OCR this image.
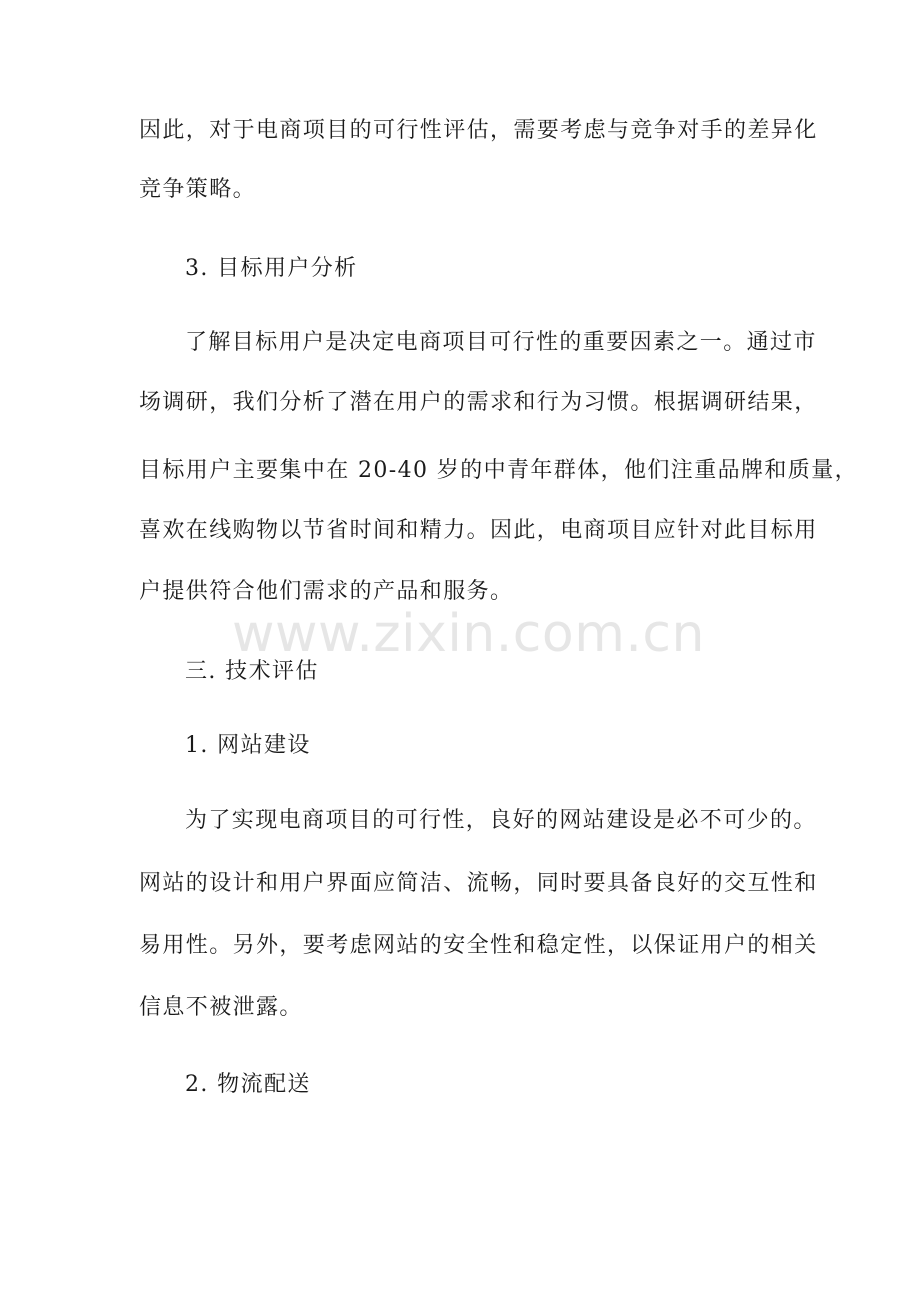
因此，对于电商项目的可行性评估，需要考虑与竞争对手的差异化
竞争策略。
3. 目标用户分析
了解目标用户是决定电商项目可行性的重要因素之一。通过市
场调研，我们分析了潜在用户的需求和行为习惯。根据调研结果，
目标用户主要集中在 20-40 岁的中青年群体，他们注重品牌和质量，
喜欢在线购物以节省时间和精力。因此，电商项目应针对此目标用
户提供符合他们需求的产品和服务。
三. 技术评估
1. 网站建设
为了实现电商项目的可行性，良好的网站建设是必不可少的。
网站的设计和用户界面应简洁、流畅，同时要具备良好的交互性和
易用性。另外，要考虑网站的安全性和稳定性，以保证用户的相关
信息不被泄露。
2. 物流配送
www.zixin.com.cn
